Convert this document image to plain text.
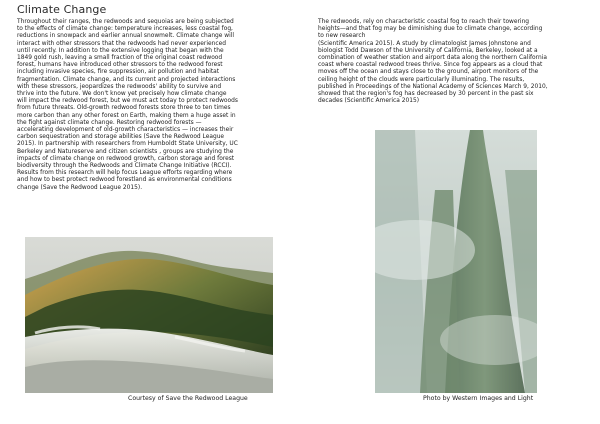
Climate Change
Throughout their ranges, the redwoods and sequoias are being subjected
to the effects of climate change: temperature increases, less coastal fog,
reductions in snowpack and earlier annual snowmelt. Climate change will
interact with other stressors that the redwoods had never experienced
until recently. In addition to the extensive logging that began with the
1849 gold rush, leaving a small fraction of the original coast redwood
forest, humans have introduced other stressors to the redwood forest
including invasive species, fire suppression, air pollution and habitat
fragmentation. Climate change, and its current and projected interactions
with these stressors, jeopardizes the redwoods' ability to survive and
thrive into the future. We don't know yet precisely how climate change
will impact the redwood forest, but we must act today to protect redwoods
from future threats. Old-growth redwood forests store three to ten times
more carbon than any other forest on Earth, making them a huge asset in
the fight against climate change. Restoring redwood forests —
accelerating development of old-growth characteristics — increases their
carbon sequestration and storage abilities (Save the Redwood League
2015). In partnership with researchers from Humboldt State University, UC
Berkeley and Natureserve and citizen scientists , groups are studying the
impacts of climate change on redwood growth, carbon storage and forest
biodiversity through the Redwoods and Climate Change Initiative (RCCI).
Results from this research will help focus League efforts regarding where
and how to best protect redwood forestland as environmental conditions
change (Save the Redwood League 2015).
The redwoods, rely on characteristic coastal fog to reach their towering
heights—and that fog may be diminishing due to climate change, according
to new research
(Scientific America 2015). A study by climatologist James Johnstone and
biologist Todd Dawson of the University of California, Berkeley, looked at a
combination of weather station and airport data along the northern California
coast where coastal redwood trees thrive. Since fog appears as a cloud that
moves off the ocean and stays close to the ground, airport monitors of the
ceiling height of the clouds were particularly illuminating. The results,
published in Proceedings of the National Academy of Sciences March 9, 2010,
showed that the region's fog has decreased by 30 percent in the past six
decades (Scientific America 2015)
Courtesy of Save the Redwood League	Photo by Western Images and Light
